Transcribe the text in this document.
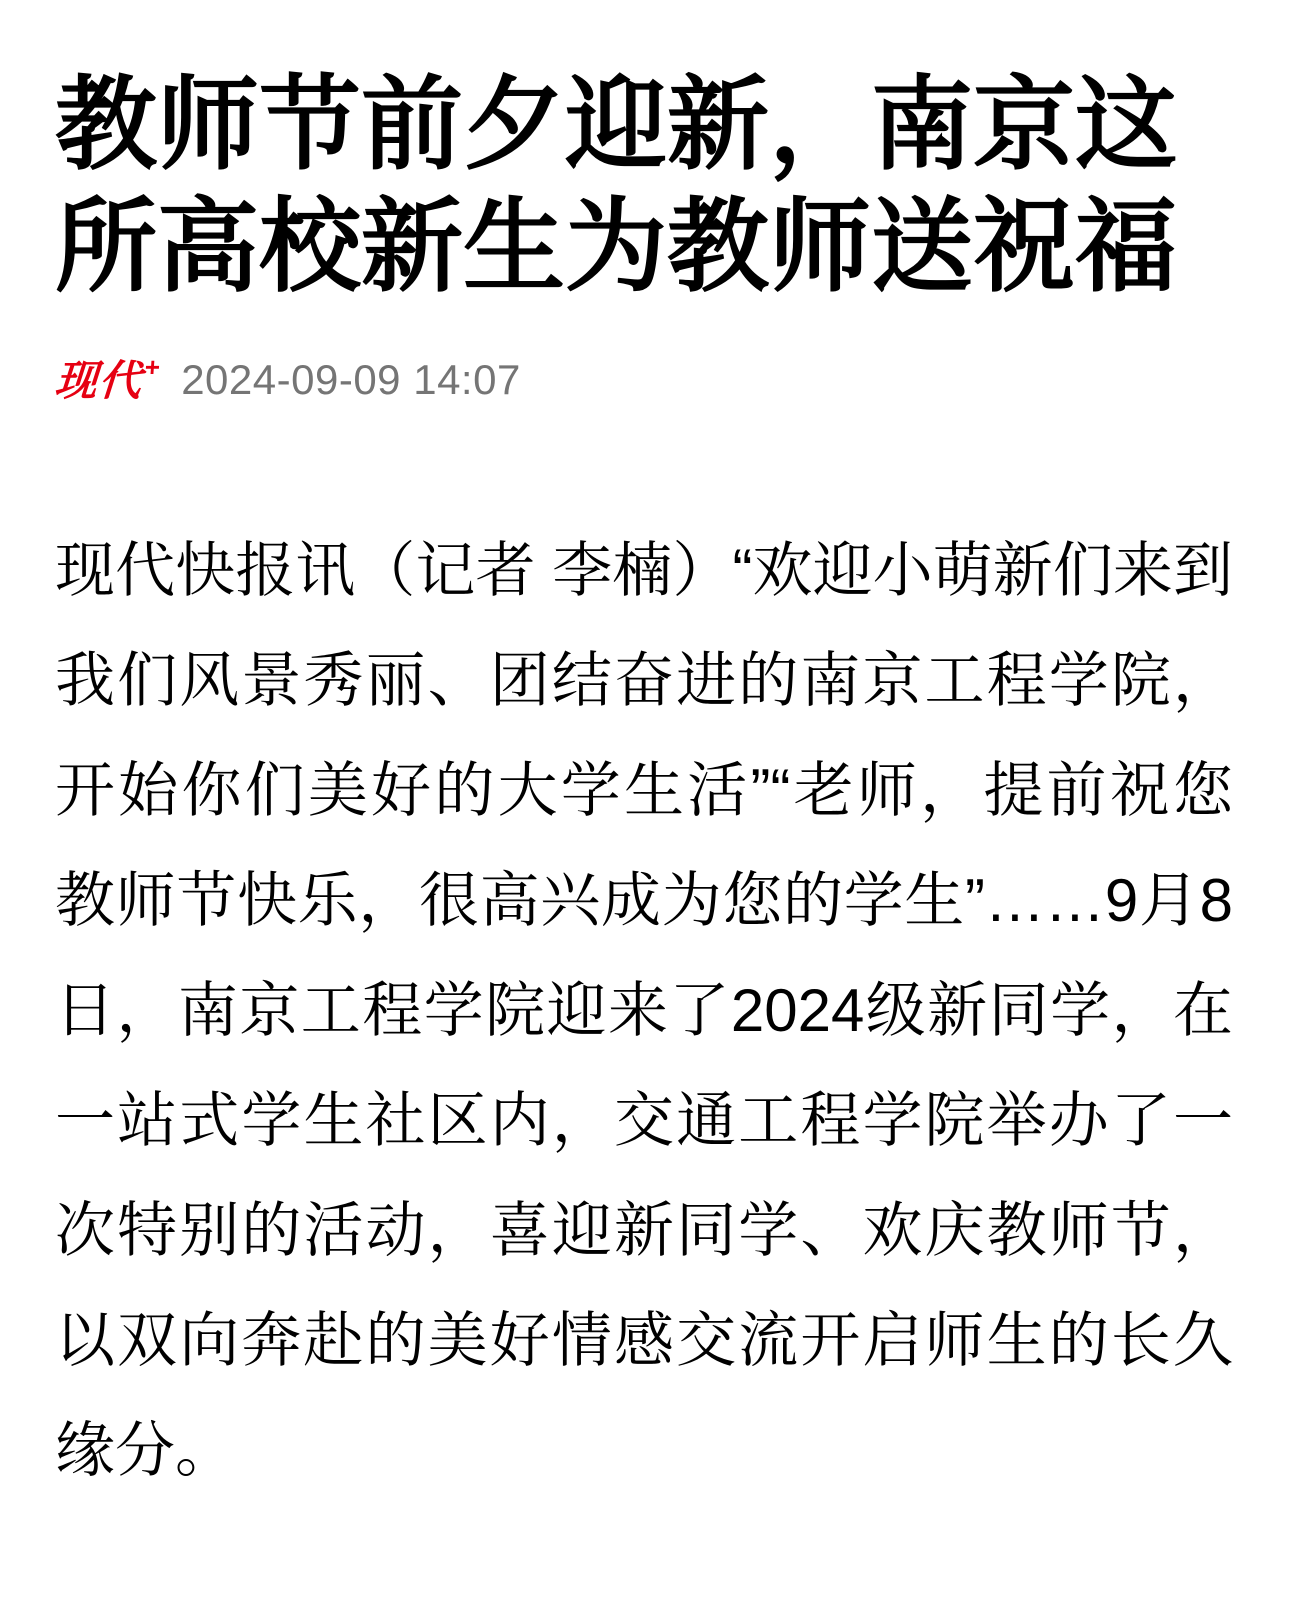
教师节前夕迎新，南京这所高校新生为教师送祝福
现代+ 2024-09-09 14:07

现代快报讯（记者 李楠）“欢迎小萌新们来到我们风景秀丽、团结奋进的南京工程学院，开始你们美好的大学生活”“老师，提前祝您教师节快乐，很高兴成为您的学生”……9月8日，南京工程学院迎来了2024级新同学，在一站式学生社区内，交通工程学院举办了一次特别的活动，喜迎新同学、欢庆教师节，以双向奔赴的美好情感交流开启师生的长久缘分。
